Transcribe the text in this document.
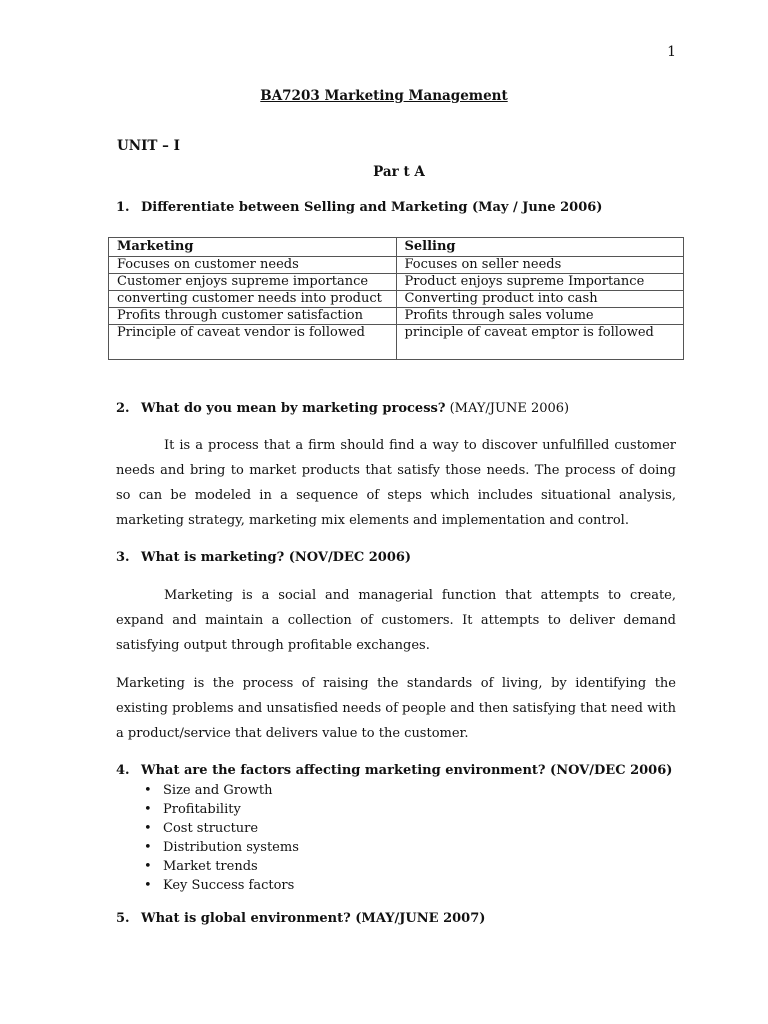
1
BA7203 Marketing Management
UNIT – I
Par t A
1. Differentiate between Selling and Marketing (May / June 2006)
Marketing	Selling
Focuses on customer needs	Focuses on seller needs
Customer enjoys supreme importance	Product enjoys supreme Importance
converting customer needs into product	Converting product into cash
Profits through customer satisfaction	Profits through sales volume
Principle of caveat vendor is followed	principle of caveat emptor is followed
2. What do you mean by marketing process? (MAY/JUNE 2006)
It is a process that a firm should find a way to discover unfulfilled customer needs and bring to market products that satisfy those needs. The process of doing so can be modeled in a sequence of steps which includes situational analysis, marketing strategy, marketing mix elements and implementation and control.
3. What is marketing? (NOV/DEC 2006)
Marketing is a social and managerial function that attempts to create, expand and maintain a collection of customers. It attempts to deliver demand satisfying output through profitable exchanges.
Marketing is the process of raising the standards of living, by identifying the existing problems and unsatisfied needs of people and then satisfying that need with a product/service that delivers value to the customer.
4. What are the factors affecting marketing environment? (NOV/DEC 2006)
• Size and Growth
• Profitability
• Cost structure
• Distribution systems
• Market trends
• Key Success factors
5. What is global environment? (MAY/JUNE 2007)
